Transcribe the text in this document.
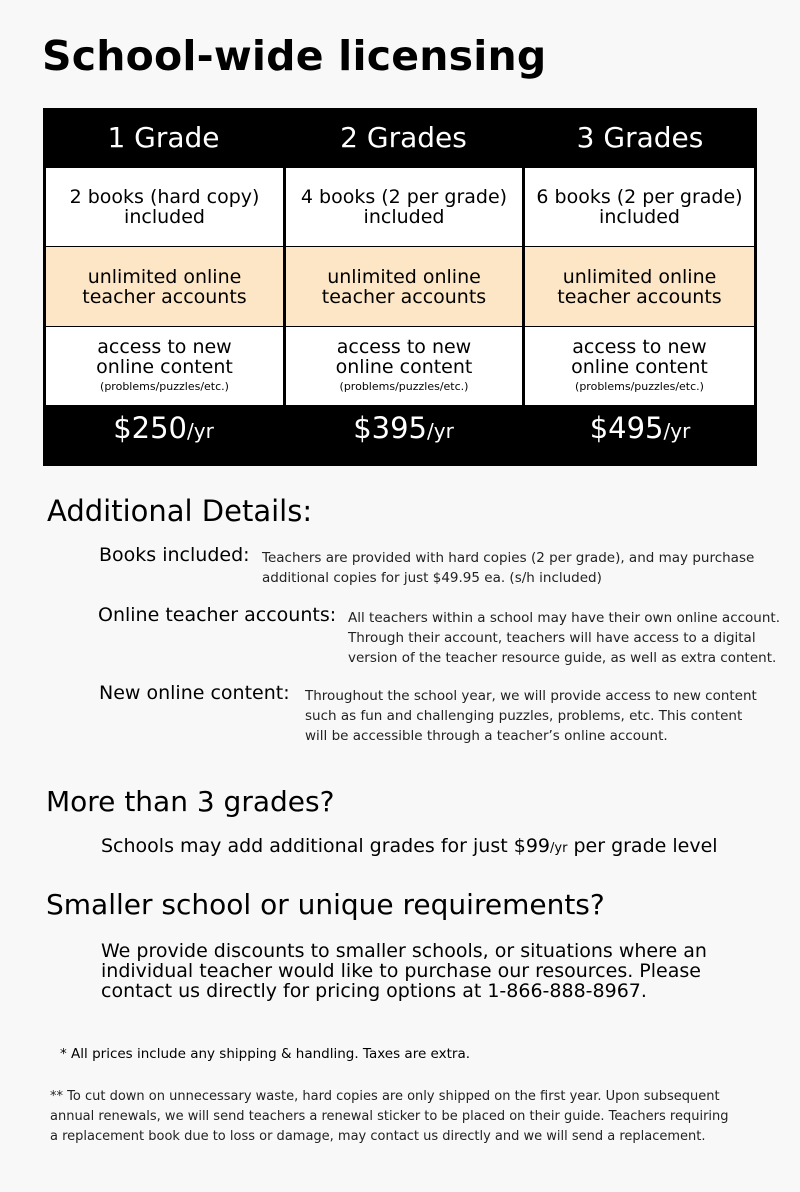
School-wide licensing
1 Grade
2 books (hard copy)
included
unlimited online
teacher accounts
access to new
online content
(problems/puzzles/etc.)
$250 /yr
2 Grades
4 books (2 per grade)
included
unlimited online
teacher accounts
access to new
online content
(problems/puzzles/etc.)
$395 /yr
3 Grades
6 books (2 per grade)
included
unlimited online
teacher accounts
access to new
online content
(problems/puzzles/etc.)
$495 /yr
Additional Details:
Books included: Teachers are provided with hard copies (2 per grade), and may purchase
additional copies for just $49.95 ea. (s/h included)
Online teacher accounts: All teachers within a school may have their own online account.
Through their account, teachers will have access to a digital
version of the teacher resource guide, as well as extra content.
New online content: Throughout the school year, we will provide access to new content
such as fun and challenging puzzles, problems, etc. This content
will be accessible through a teacher’s online account.
More than 3 grades?
Schools may add additional grades for just $99/yr per grade level
Smaller school or unique requirements?
We provide discounts to smaller schools, or situations where an
individual teacher would like to purchase our resources. Please
contact us directly for pricing options at 1-866-888-8967.
* All prices include any shipping & handling. Taxes are extra.
** To cut down on unnecessary waste, hard copies are only shipped on the first year. Upon subsequent
annual renewals, we will send teachers a renewal sticker to be placed on their guide. Teachers requiring
a replacement book due to loss or damage, may contact us directly and we will send a replacement.
